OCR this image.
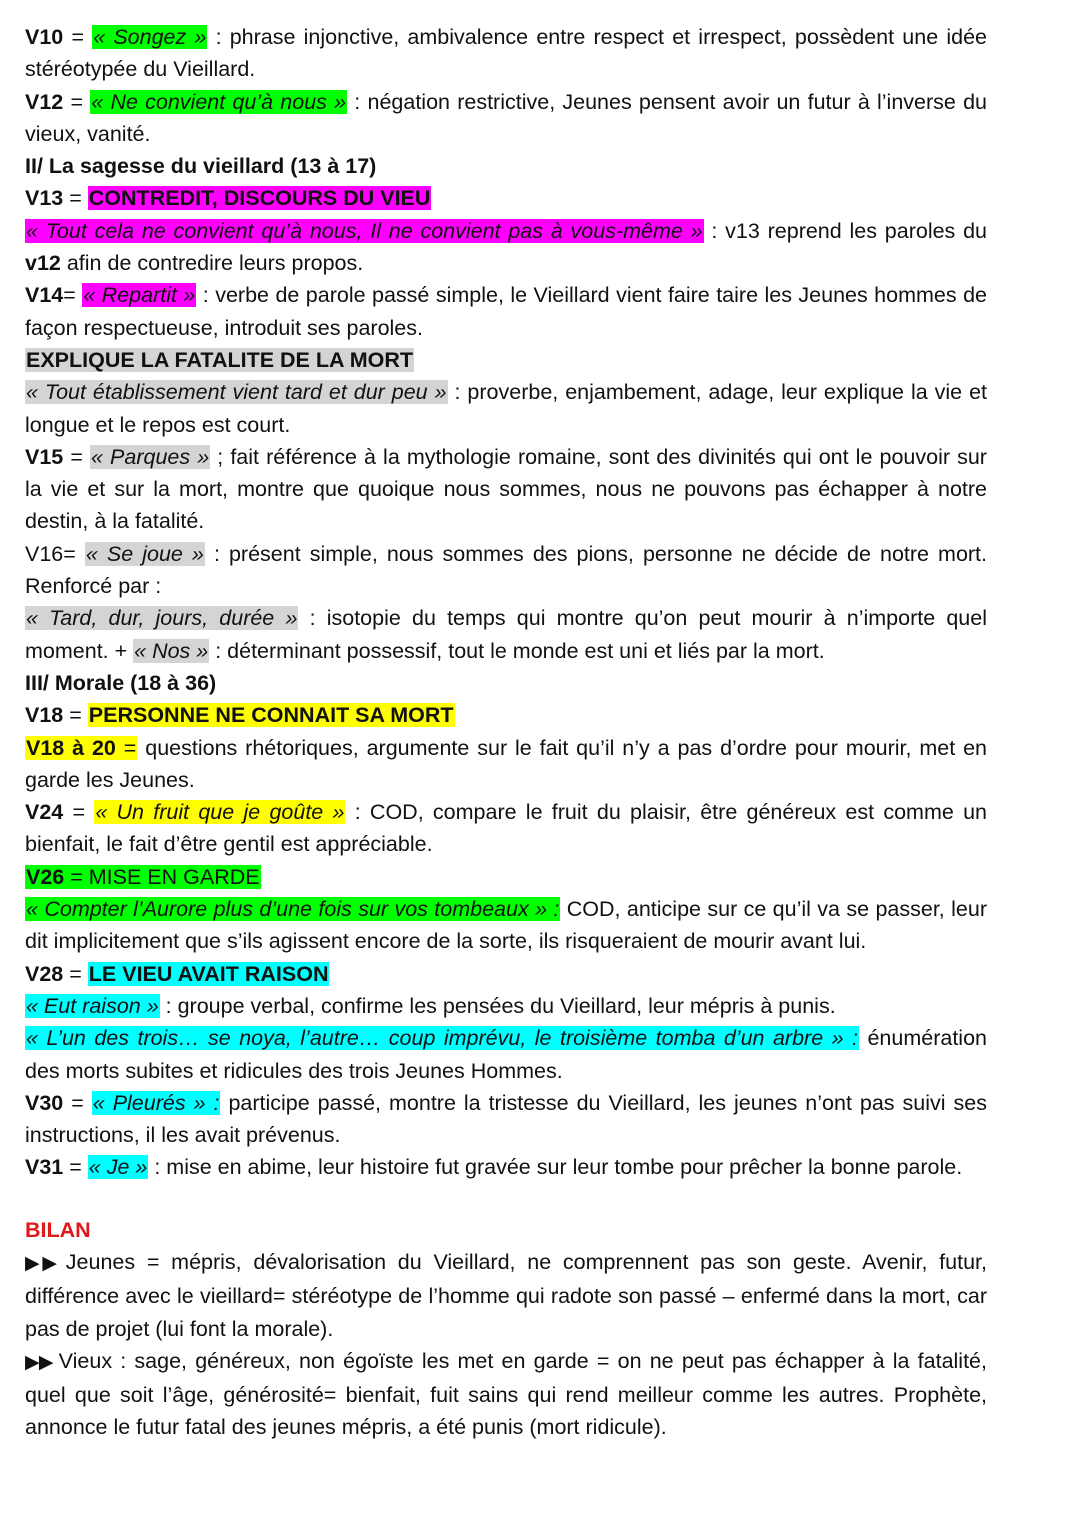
V10 = « Songez » : phrase injonctive, ambivalence entre respect et irrespect, possèdent une idée stéréotypée du Vieillard.

V12 = « Ne convient qu’à nous » : négation restrictive, Jeunes pensent avoir un futur à l’inverse du vieux, vanité.

II/ La sagesse du vieillard (13 à 17)

V13 = CONTREDIT, DISCOURS DU VIEU

« Tout cela ne convient qu’à nous, Il ne convient pas à vous-même » : v13 reprend les paroles du v12 afin de contredire leurs propos.

V14= « Repartit » : verbe de parole passé simple, le Vieillard vient faire taire les Jeunes hommes de façon respectueuse, introduit ses paroles.

EXPLIQUE LA FATALITE DE LA MORT

« Tout établissement vient tard et dur peu » : proverbe, enjambement, adage, leur explique la vie et longue et le repos est court.

V15 = « Parques » ; fait référence à la mythologie romaine, sont des divinités qui ont le pouvoir sur la vie et sur la mort, montre que quoique nous sommes, nous ne pouvons pas échapper à notre destin, à la fatalité.

V16= « Se joue » : présent simple, nous sommes des pions, personne ne décide de notre mort. Renforcé par :

« Tard, dur, jours, durée » : isotopie du temps qui montre qu’on peut mourir à n’importe quel moment. + « Nos » : déterminant possessif, tout le monde est uni et liés par la mort.

III/ Morale (18 à 36)

V18 = PERSONNE NE CONNAIT SA MORT

V18 à 20 = questions rhétoriques, argumente sur le fait qu’il n’y a pas d’ordre pour mourir, met en garde les Jeunes.

V24 = « Un fruit que je goûte » : COD, compare le fruit du plaisir, être généreux est comme un bienfait, le fait d’être gentil est appréciable.

V26 = MISE EN GARDE

« Compter l’Aurore plus d’une fois sur vos tombeaux » : COD, anticipe sur ce qu’il va se passer, leur dit implicitement que s’ils agissent encore de la sorte, ils risqueraient de mourir avant lui.

V28 = LE VIEU AVAIT RAISON

« Eut raison » : groupe verbal, confirme les pensées du Vieillard, leur mépris à punis.

« L’un des trois… se noya, l’autre… coup imprévu, le troisième tomba d’un arbre » : énumération des morts subites et ridicules des trois Jeunes Hommes.

V30 = « Pleurés » : participe passé, montre la tristesse du Vieillard, les jeunes n’ont pas suivi ses instructions, il les avait prévenus.

V31 = « Je » : mise en abime, leur histoire fut gravée sur leur tombe pour prêcher la bonne parole.

BILAN

▶▶ Jeunes = mépris, dévalorisation du Vieillard, ne comprennent pas son geste. Avenir, futur, différence avec le vieillard= stéréotype de l’homme qui radote son passé – enfermé dans la mort, car pas de projet (lui font la morale).

▶▶ Vieux : sage, généreux, non égoïste les met en garde = on ne peut pas échapper à la fatalité, quel que soit l’âge, générosité= bienfait, fuit sains qui rend meilleur comme les autres. Prophète, annonce le futur fatal des jeunes mépris, a été punis (mort ridicule).
